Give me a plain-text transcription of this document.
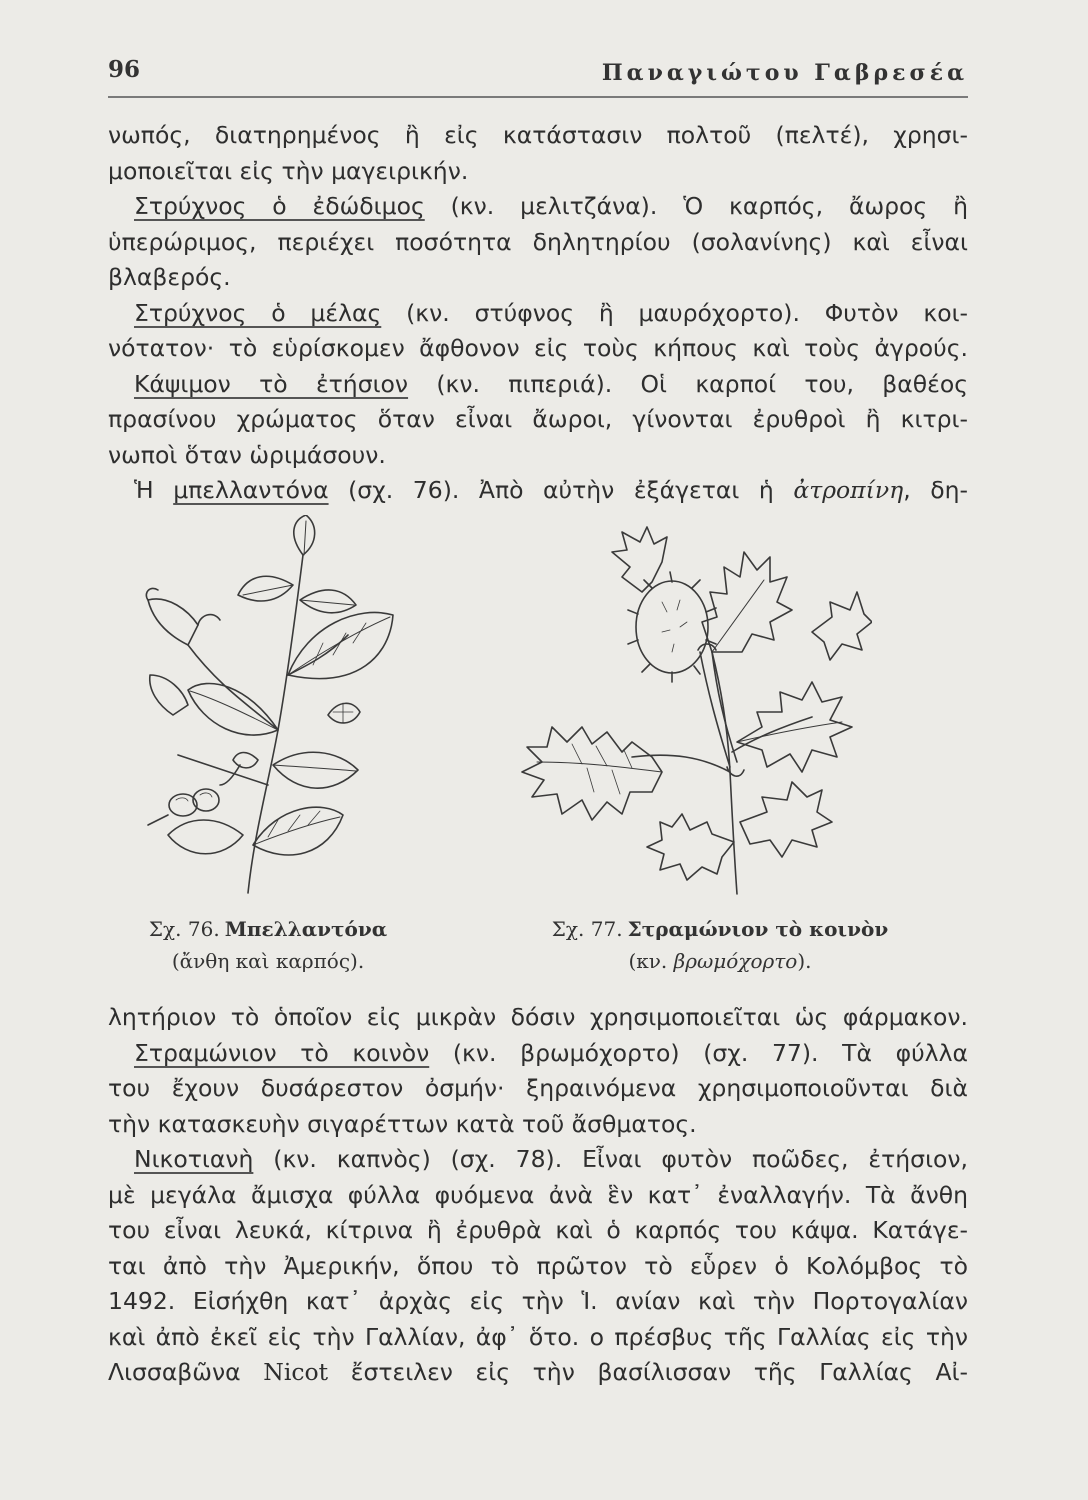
96	Παναγιώτου Γαβρεσέα

νωπός, διατηρημένος ἢ εἰς κατάστασιν πολτοῦ (πελτέ), χρησι-

μοποιεῖται εἰς τὴν μαγειρικήν.

Στρύχνος ὁ ἐδώδιμος (κν. μελιτζάνα). Ὁ καρπός, ἄωρος ἢ

ὑπερώριμος, περιέχει ποσότητα δηλητηρίου (σολανίνης) καὶ εἶναι

βλαβερός.

Στρύχνος ὁ μέλας (κν. στύφνος ἢ μαυρόχορτο). Φυτὸν κοι-

νότατον· τὸ εὑρίσκομεν ἄφθονον εἰς τοὺς κήπους καὶ τοὺς ἀγρούς.

Κάψιμον τὸ ἐτήσιον (κν. πιπεριά). Οἱ καρποί του, βαθέος

πρασίνου χρώματος ὅταν εἶναι ἄωροι, γίνονται ἐρυθροὶ ἢ κιτρι-

νωποὶ ὅταν ὡριμάσουν.

Ἡ μπελλαντόνα (σχ. 76). Ἀπὸ αὐτὴν ἐξάγεται ἡ ἀτροπίνη, δη-

Σχ. 76. Μπελλαντόνα
(ἄνθη καὶ καρπός).
Σχ. 77. Στραμώνιον τὸ κοινὸν
(κν. βρωμόχορτο).

λητήριον τὸ ὁποῖον εἰς μικρὰν δόσιν χρησιμοποιεῖται ὡς φάρμακον.

Στραμώνιον τὸ κοινὸν (κν. βρωμόχορτο) (σχ. 77). Τὰ φύλλα

του ἔχουν δυσάρεστον ὀσμήν· ξηραινόμενα χρησιμοποιοῦνται διὰ

τὴν κατασκευὴν σιγαρέττων κατὰ τοῦ ἄσθματος.

Νικοτιανὴ (κν. καπνὸς) (σχ. 78). Εἶναι φυτὸν ποῶδες, ἐτήσιον,

μὲ μεγάλα ἄμισχα φύλλα φυόμενα ἀνὰ ἓν κατ᾽ ἐναλλαγήν. Τὰ ἄνθη

του εἶναι λευκά, κίτρινα ἢ ἐρυθρὰ καὶ ὁ καρπός του κάψα. Κατάγε-

ται ἀπὸ τὴν Ἀμερικήν, ὅπου τὸ πρῶτον τὸ εὗρεν ὁ Κολόμβος τὸ

1492. Εἰσήχθη κατ᾽ ἀρχὰς εἰς τὴν Ἱ. ανίαν καὶ τὴν Πορτογαλίαν

καὶ ἀπὸ ἐκεῖ εἰς τὴν Γαλλίαν, ἀφ᾽ ὅτο. ο πρέσβυς τῆς Γαλλίας εἰς τὴν

Λισσαβῶνα Nicot ἔστειλεν εἰς τὴν βασίλισσαν τῆς Γαλλίας Αἰ-
